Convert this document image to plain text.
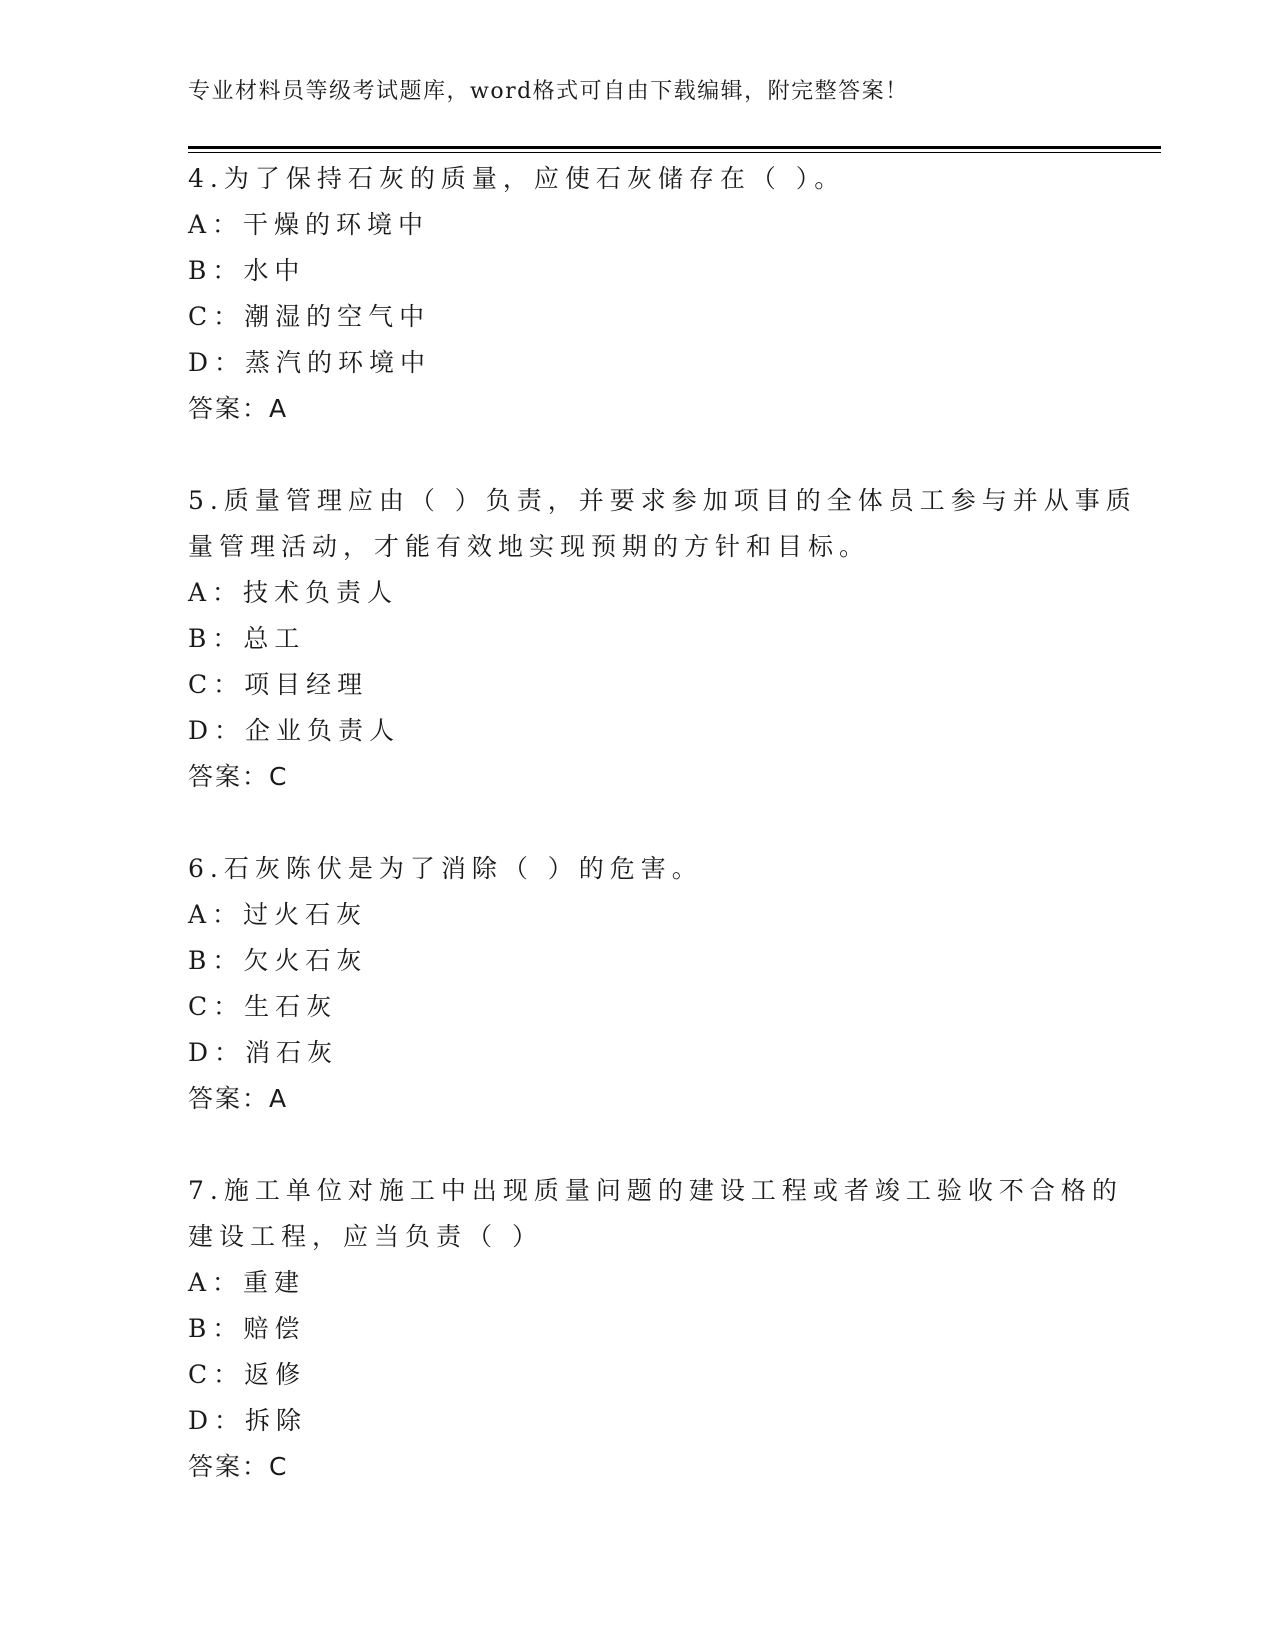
专业材料员等级考试题库，word格式可自由下载编辑，附完整答案！
4.为了保持石灰的质量，应使石灰储存在（ ）。
A：干燥的环境中
B：水中
C：潮湿的空气中
D：蒸汽的环境中
答案：A
5.质量管理应由（ ）负责，并要求参加项目的全体员工参与并从事质
量管理活动，才能有效地实现预期的方针和目标。
A：技术负责人
B：总工
C：项目经理
D：企业负责人
答案：C
6.石灰陈伏是为了消除（ ）的危害。
A：过火石灰
B：欠火石灰
C：生石灰
D：消石灰
答案：A
7.施工单位对施工中出现质量问题的建设工程或者竣工验收不合格的
建设工程，应当负责（ ）
A：重建
B：赔偿
C：返修
D：拆除
答案：C
